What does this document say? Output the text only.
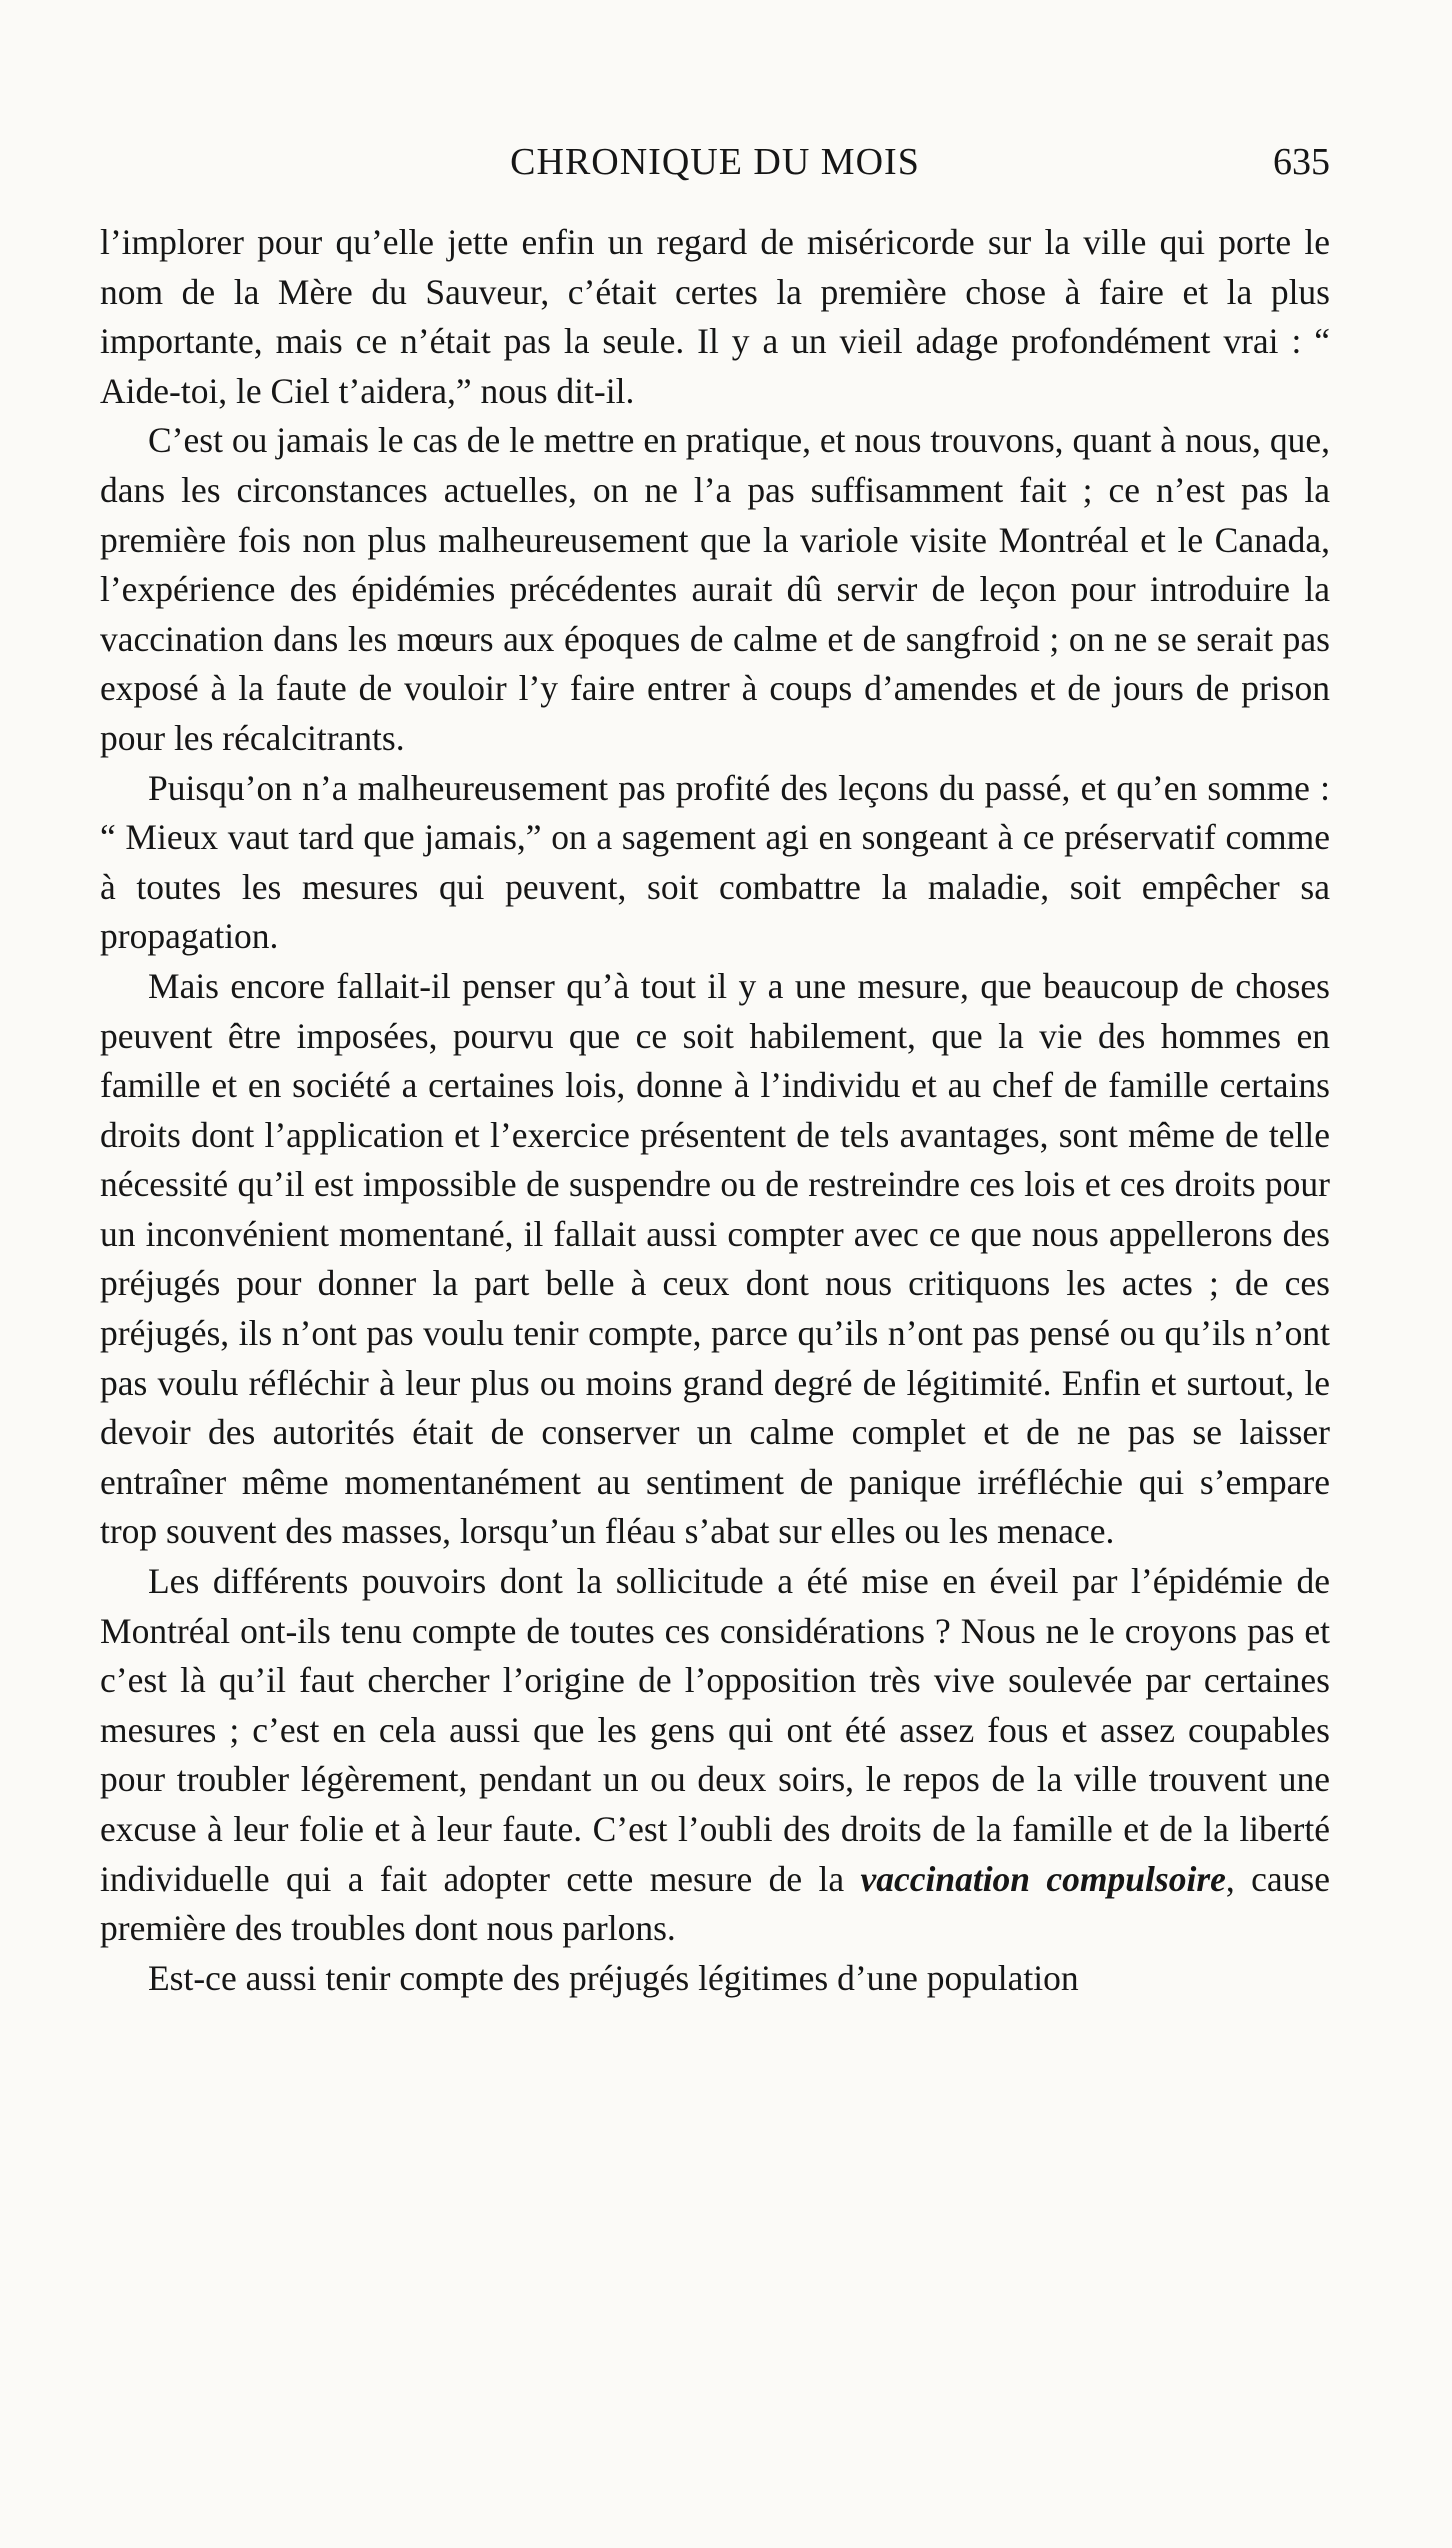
CHRONIQUE DU MOIS	635

l’implorer pour qu’elle jette enfin un regard de miséricorde sur la ville qui porte le nom de la Mère du Sauveur, c’était certes la première chose à faire et la plus importante, mais ce n’était pas la seule. Il y a un vieil adage profondément vrai : “ Aide-toi, le Ciel t’aidera,” nous dit-il.

C’est ou jamais le cas de le mettre en pratique, et nous trouvons, quant à nous, que, dans les circonstances actuelles, on ne l’a pas suffisamment fait ; ce n’est pas la première fois non plus malheureusement que la variole visite Montréal et le Canada, l’expérience des épidémies précédentes aurait dû servir de leçon pour introduire la vaccination dans les mœurs aux époques de calme et de sangfroid ; on ne se serait pas exposé à la faute de vouloir l’y faire entrer à coups d’amendes et de jours de prison pour les récalcitrants.

Puisqu’on n’a malheureusement pas profité des leçons du passé, et qu’en somme : “ Mieux vaut tard que jamais,” on a sagement agi en songeant à ce préservatif comme à toutes les mesures qui peuvent, soit combattre la maladie, soit empêcher sa propagation.

Mais encore fallait-il penser qu’à tout il y a une mesure, que beaucoup de choses peuvent être imposées, pourvu que ce soit habilement, que la vie des hommes en famille et en société a certaines lois, donne à l’individu et au chef de famille certains droits dont l’application et l’exercice présentent de tels avantages, sont même de telle nécessité qu’il est impossible de suspendre ou de restreindre ces lois et ces droits pour un inconvénient momentané, il fallait aussi compter avec ce que nous appellerons des préjugés pour donner la part belle à ceux dont nous critiquons les actes ; de ces préjugés, ils n’ont pas voulu tenir compte, parce qu’ils n’ont pas pensé ou qu’ils n’ont pas voulu réfléchir à leur plus ou moins grand degré de légitimité. Enfin et surtout, le devoir des autorités était de conserver un calme complet et de ne pas se laisser entraîner même momentanément au sentiment de panique irréfléchie qui s’empare trop souvent des masses, lorsqu’un fléau s’abat sur elles ou les menace.

Les différents pouvoirs dont la sollicitude a été mise en éveil par l’épidémie de Montréal ont-ils tenu compte de toutes ces considérations ? Nous ne le croyons pas et c’est là qu’il faut chercher l’origine de l’opposition très vive soulevée par certaines mesures ; c’est en cela aussi que les gens qui ont été assez fous et assez coupables pour troubler légèrement, pendant un ou deux soirs, le repos de la ville trouvent une excuse à leur folie et à leur faute. C’est l’oubli des droits de la famille et de la liberté individuelle qui a fait adopter cette mesure de la vaccination compulsoire, cause première des troubles dont nous parlons.

Est-ce aussi tenir compte des préjugés légitimes d’une population
